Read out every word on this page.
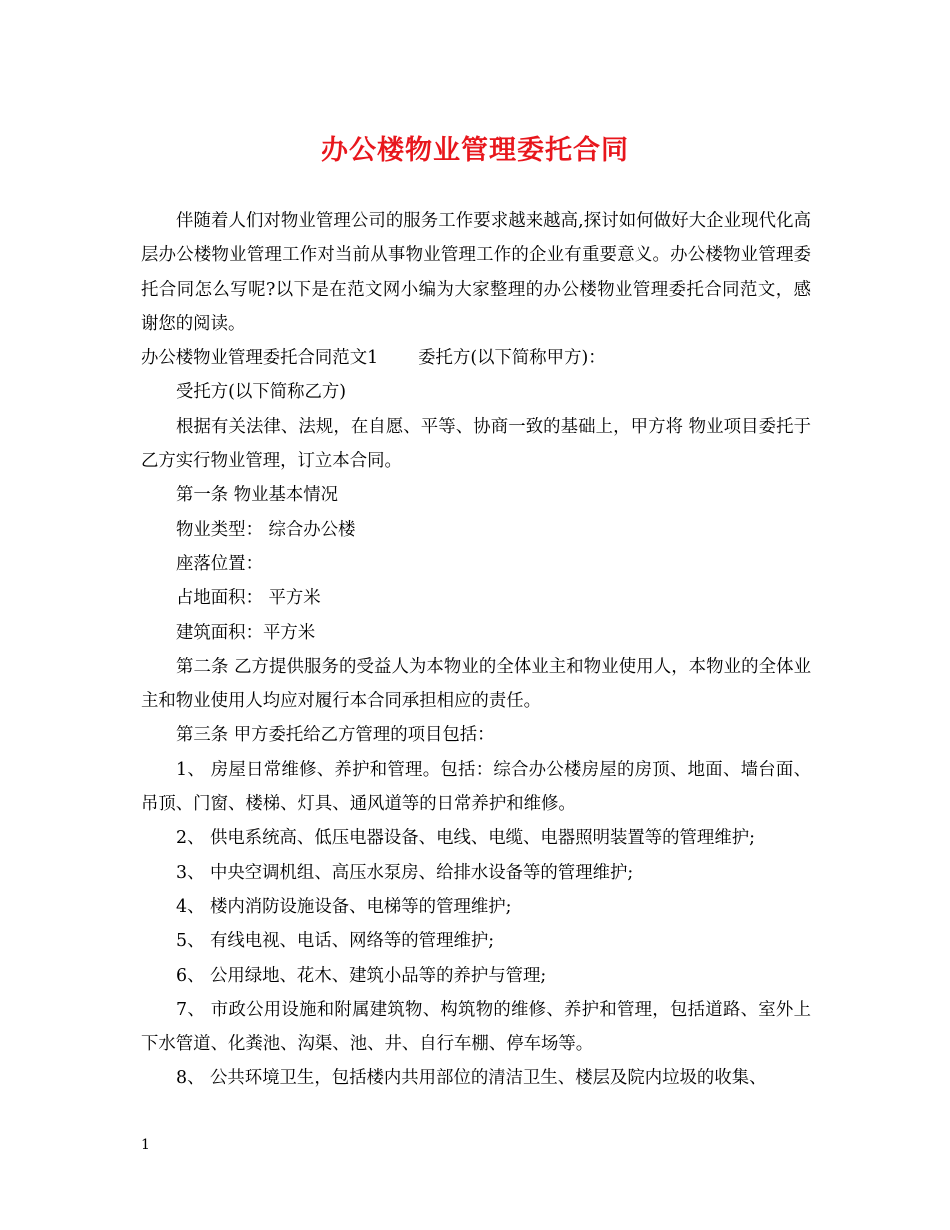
办公楼物业管理委托合同

伴随着人们对物业管理公司的服务工作要求越来越高,探讨如何做好大企业现代化高层办公楼物业管理工作对当前从事物业管理工作的企业有重要意义。办公楼物业管理委托合同怎么写呢?以下是在范文网小编为大家整理的办公楼物业管理委托合同范文，感谢您的阅读。

办公楼物业管理委托合同范文1 委托方(以下简称甲方)：

受托方(以下简称乙方)

根据有关法律、法规，在自愿、平等、协商一致的基础上，甲方将 物业项目委托于乙方实行物业管理，订立本合同。

第一条 物业基本情况

物业类型： 综合办公楼

座落位置：

占地面积： 平方米

建筑面积：平方米

第二条 乙方提供服务的受益人为本物业的全体业主和物业使用人，本物业的全体业主和物业使用人均应对履行本合同承担相应的责任。

第三条 甲方委托给乙方管理的项目包括：

1、 房屋日常维修、养护和管理。包括：综合办公楼房屋的房顶、地面、墙台面、吊顶、门窗、楼梯、灯具、通风道等的日常养护和维修。

2、 供电系统高、低压电器设备、电线、电缆、电器照明装置等的管理维护;

3、 中央空调机组、高压水泵房、给排水设备等的管理维护;

4、 楼内消防设施设备、电梯等的管理维护;

5、 有线电视、电话、网络等的管理维护;

6、 公用绿地、花木、建筑小品等的养护与管理;

7、 市政公用设施和附属建筑物、构筑物的维修、养护和管理，包括道路、室外上下水管道、化粪池、沟渠、池、井、自行车棚、停车场等。

8、 公共环境卫生，包括楼内共用部位的清洁卫生、楼层及院内垃圾的收集、

1
